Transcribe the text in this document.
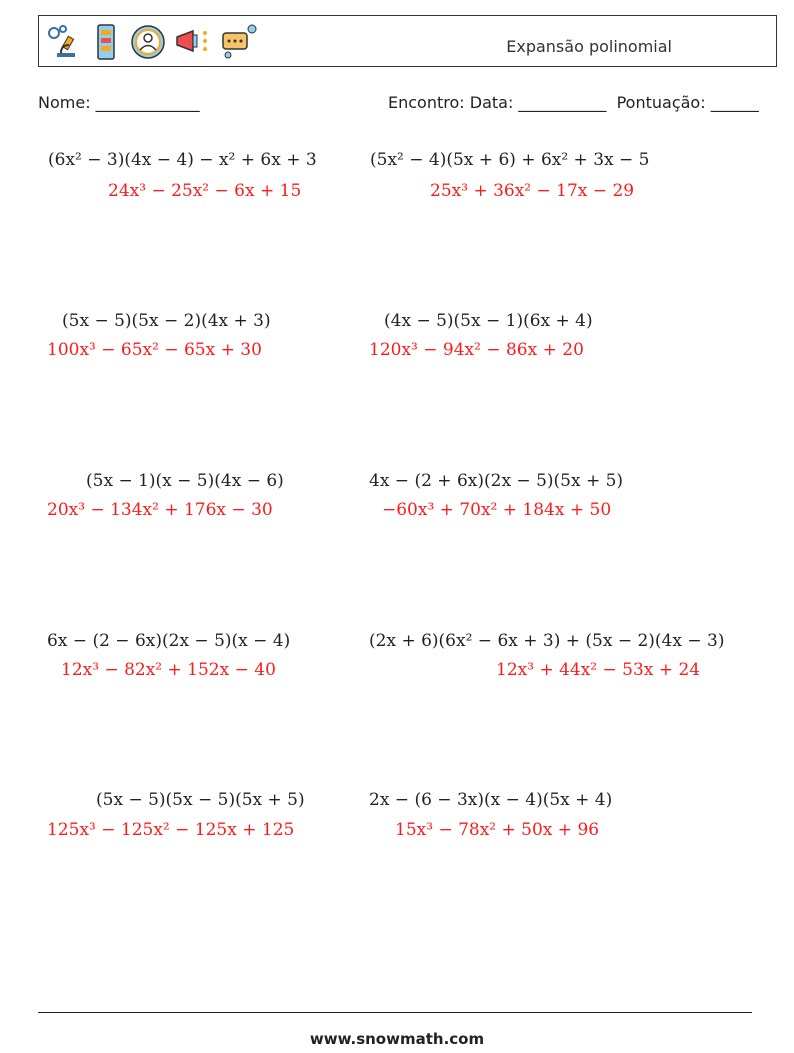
Expansão polinomial
Nome: _____________	Encontro: Data: ___________  Pontuação: ______
(6x² − 3)(4x − 4) − x² + 6x + 3
24x³ − 25x² − 6x + 15
(5x² − 4)(5x + 6) + 6x² + 3x − 5
25x³ + 36x² − 17x − 29
(5x − 5)(5x − 2)(4x + 3)
100x³ − 65x² − 65x + 30
(4x − 5)(5x − 1)(6x + 4)
120x³ − 94x² − 86x + 20
(5x − 1)(x − 5)(4x − 6)
20x³ − 134x² + 176x − 30
4x − (2 + 6x)(2x − 5)(5x + 5)
−60x³ + 70x² + 184x + 50
6x − (2 − 6x)(2x − 5)(x − 4)
12x³ − 82x² + 152x − 40
(2x + 6)(6x² − 6x + 3) + (5x − 2)(4x − 3)
12x³ + 44x² − 53x + 24
(5x − 5)(5x − 5)(5x + 5)
125x³ − 125x² − 125x + 125
2x − (6 − 3x)(x − 4)(5x + 4)
15x³ − 78x² + 50x + 96
www.snowmath.com
